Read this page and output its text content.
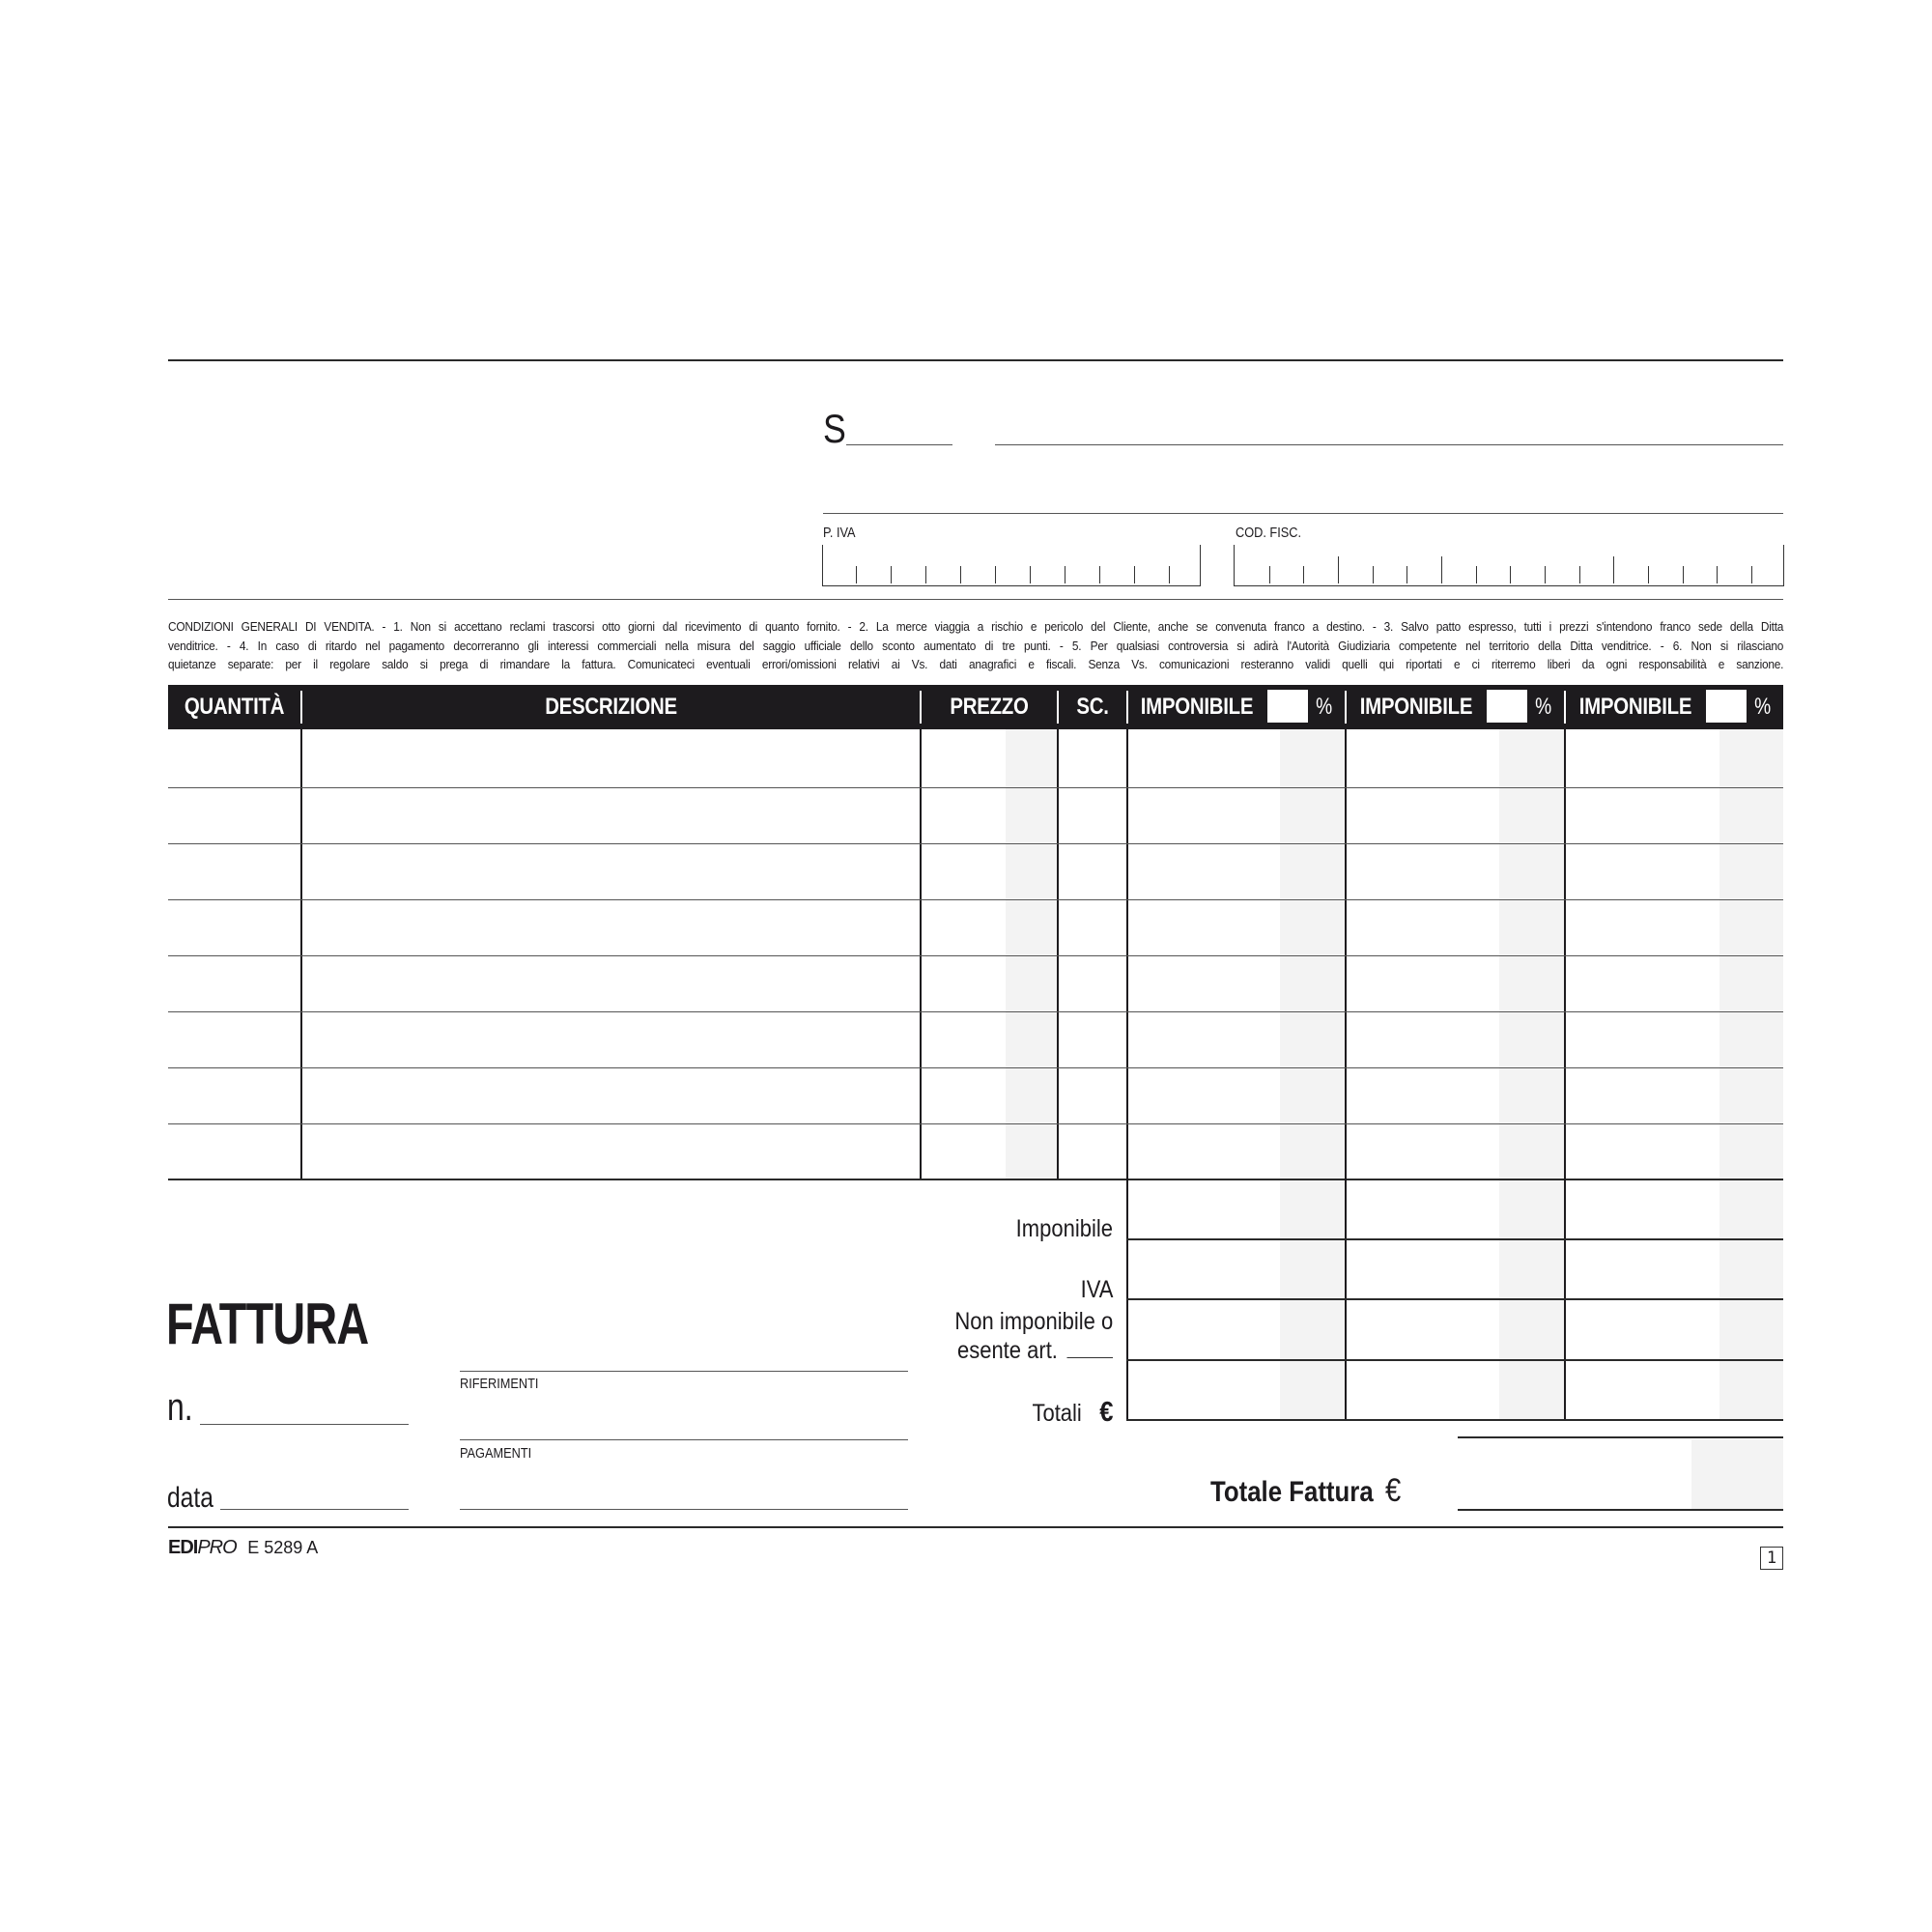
S
P. IVA	COD. FISC.
CONDIZIONI GENERALI DI VENDITA. - 1. Non si accettano reclami trascorsi otto giorni dal ricevimento di quanto fornito. - 2. La merce viaggia a rischio e pericolo del Cliente, anche se convenuta franco a destino. - 3. Salvo patto espresso, tutti i prezzi s'intendono franco sede della Ditta
venditrice. - 4. In caso di ritardo nel pagamento decorreranno gli interessi commerciali nella misura del saggio ufficiale dello sconto aumentato di tre punti. - 5. Per qualsiasi controversia si adirà l'Autorità Giudiziaria competente nel territorio della Ditta venditrice. - 6. Non si rilasciano
quietanze separate: per il regolare saldo si prega di rimandare la fattura. Comunicateci eventuali errori/omissioni relativi ai Vs. dati anagrafici e fiscali. Senza Vs. comunicazioni resteranno validi quelli qui riportati e ci riterremo liberi da ogni responsabilità e sanzione.
QUANTITÀ	DESCRIZIONE	PREZZO	SC.	IMPONIBILE	% IMPONIBILE	% IMPONIBILE	%
Imponibile
IVA
Non imponibile o
esente art.
Totali €
Totale Fattura €
FATTURA
n.
data
RIFERIMENTI
PAGAMENTI
EDIPRO E 5289 A
1
